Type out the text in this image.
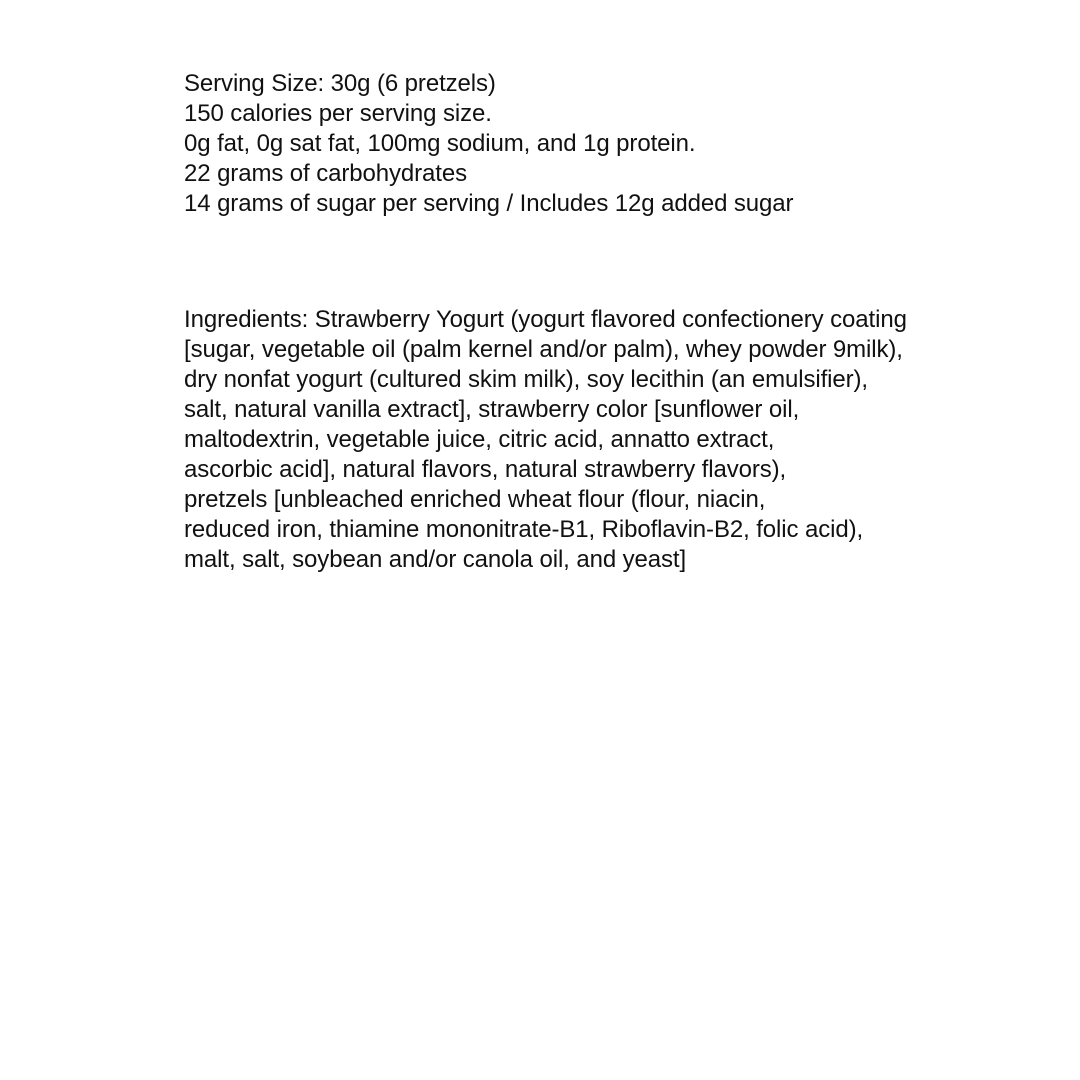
Serving Size: 30g (6 pretzels)
150 calories per serving size.
0g fat, 0g sat fat, 100mg sodium, and 1g protein.
22 grams of carbohydrates
14 grams of sugar per serving / Includes 12g added sugar
Ingredients: Strawberry Yogurt (yogurt flavored confectionery coating
[sugar, vegetable oil (palm kernel and/or palm), whey powder 9milk),
dry nonfat yogurt (cultured skim milk), soy lecithin (an emulsifier),
salt, natural vanilla extract], strawberry color [sunflower oil,
maltodextrin, vegetable juice, citric acid, annatto extract,
ascorbic acid], natural flavors, natural strawberry flavors),
pretzels [unbleached enriched wheat flour (flour, niacin,
reduced iron, thiamine mononitrate-B1, Riboflavin-B2, folic acid),
malt, salt, soybean and/or canola oil, and yeast]
